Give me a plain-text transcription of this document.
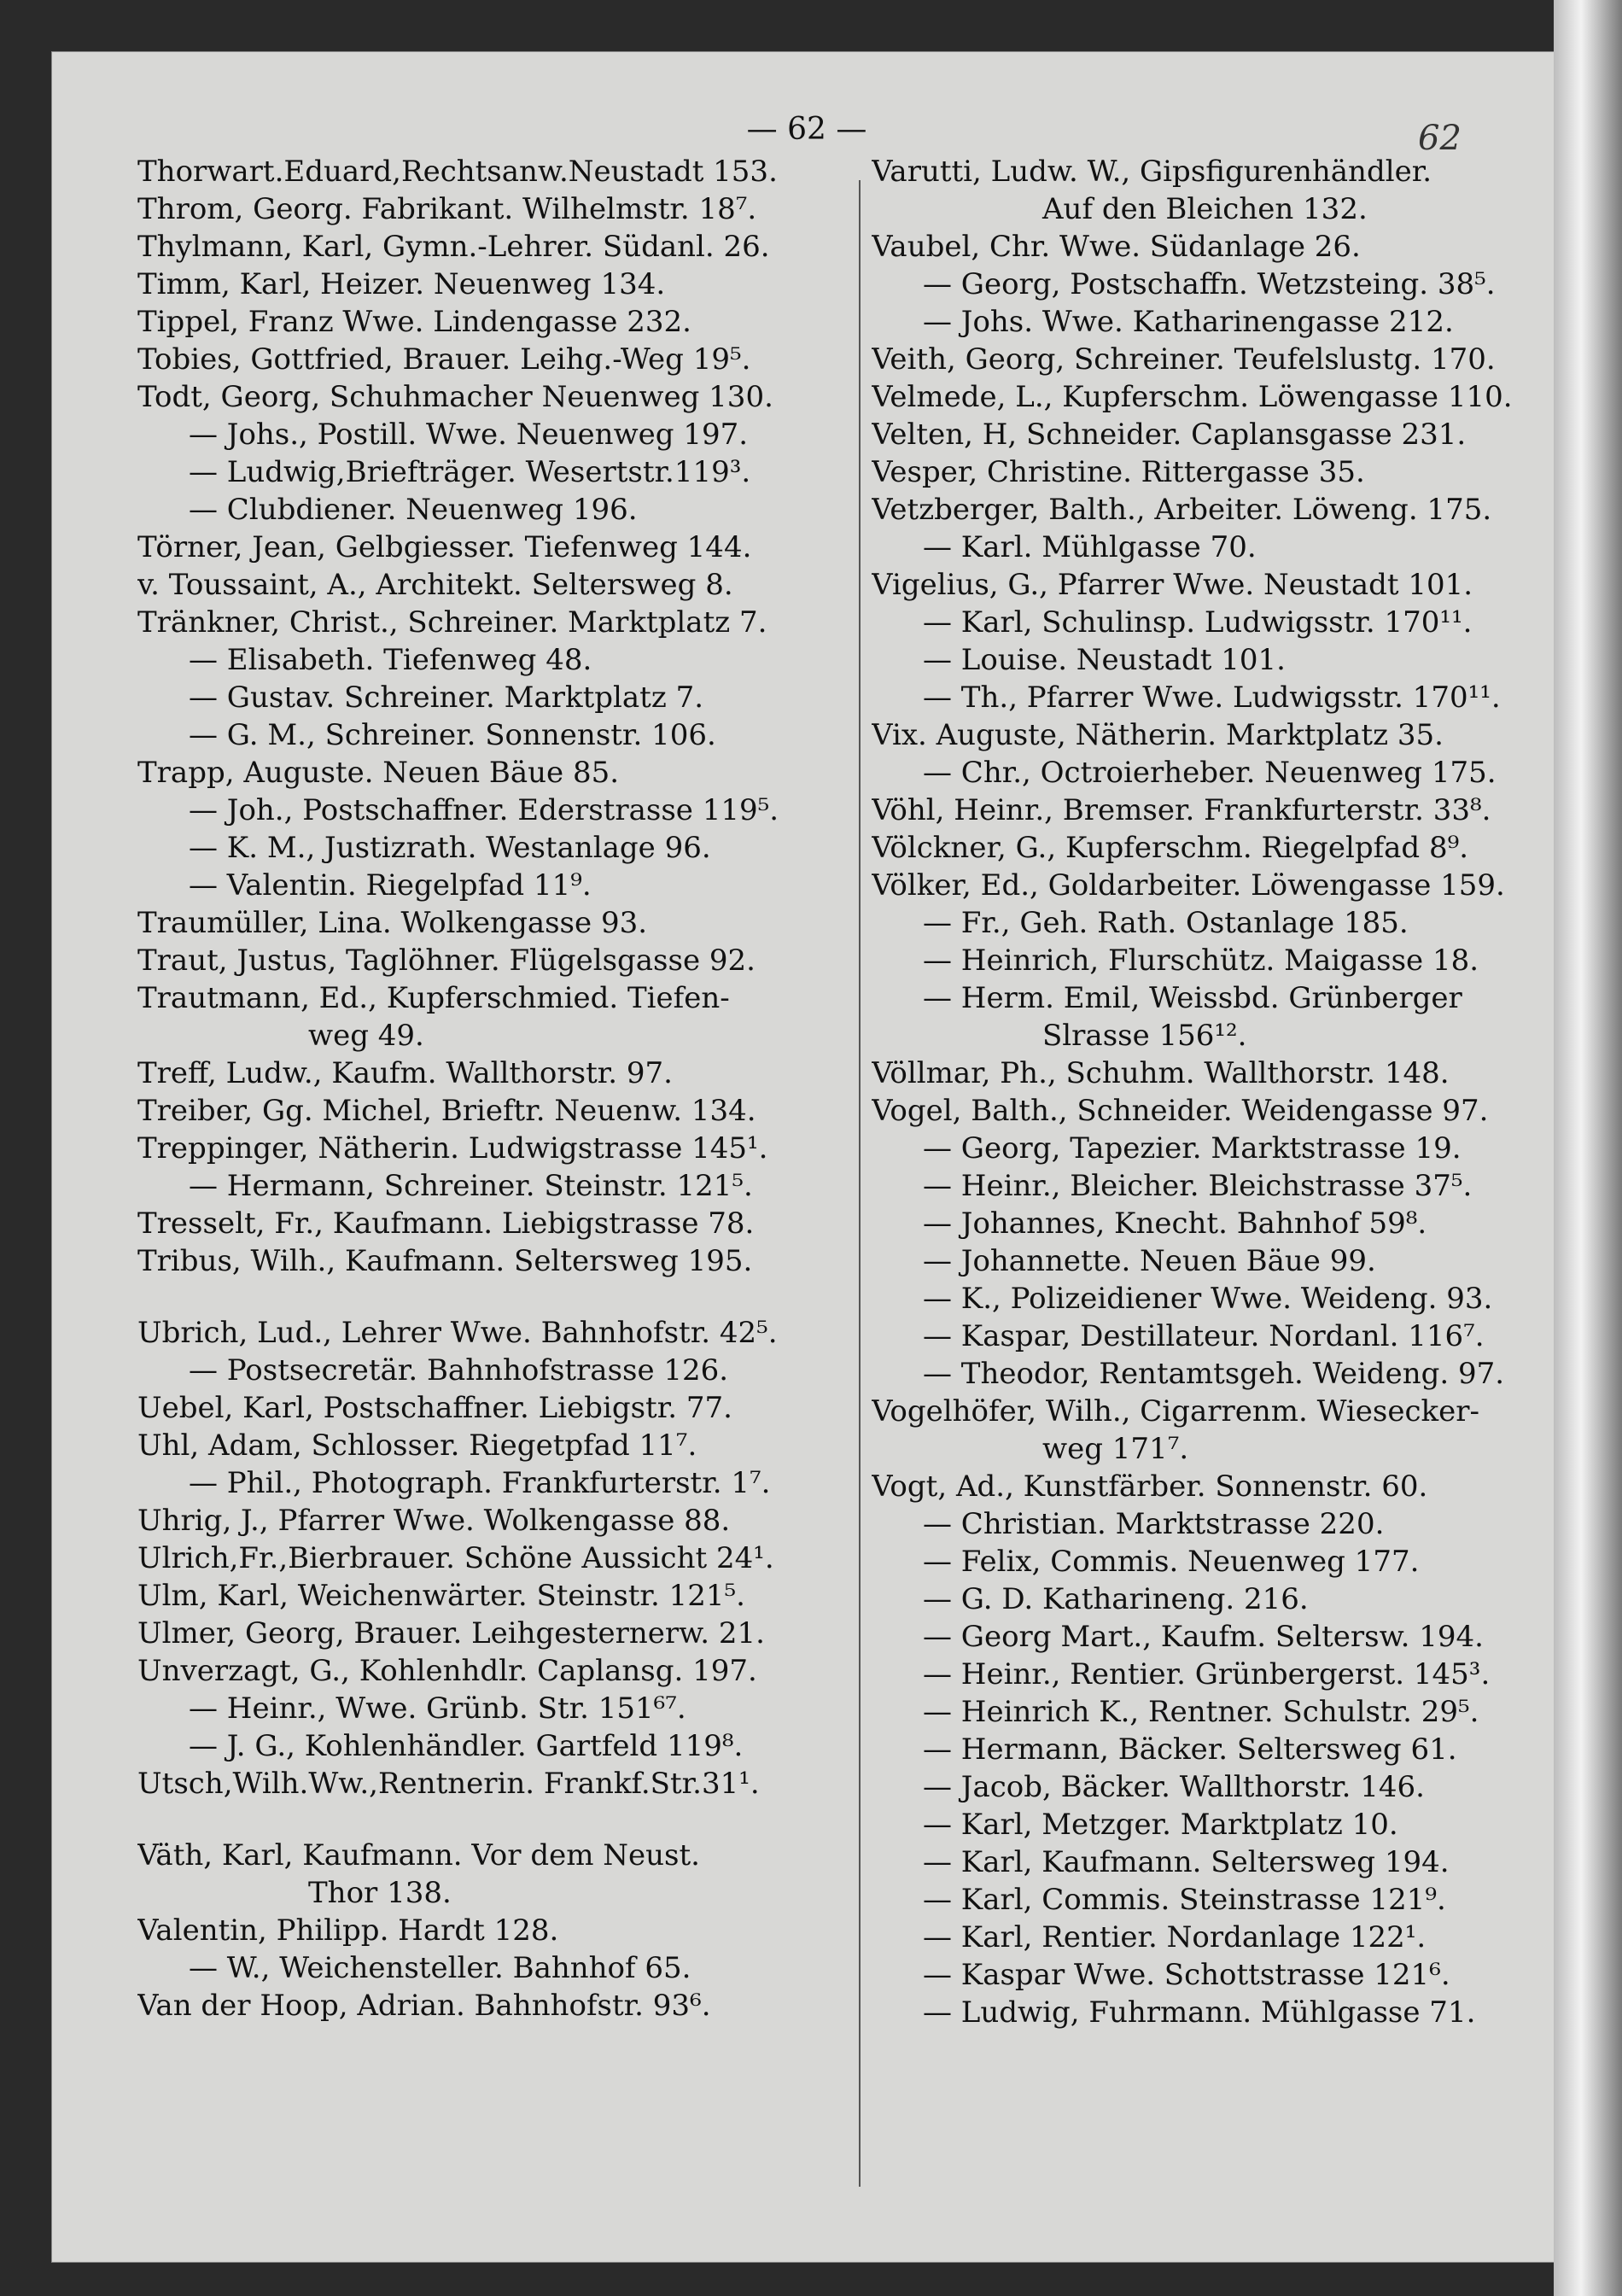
— 62 —	62
Thorwart.Eduard,Rechtsanw.Neustadt 153.
Throm, Georg. Fabrikant. Wilhelmstr. 18⁷.
Thylmann, Karl, Gymn.-Lehrer. Südanl. 26.
Timm, Karl, Heizer. Neuenweg 134.
Tippel, Franz Wwe. Lindengasse 232.
Tobies, Gottfried, Brauer. Leihg.-Weg 19⁵.
Todt, Georg, Schuhmacher Neuenweg 130.
— Johs., Postill. Wwe. Neuenweg 197.
— Ludwig,Briefträger. Wesertstr.119³.
— Clubdiener. Neuenweg 196.
Törner, Jean, Gelbgiesser. Tiefenweg 144.
v. Toussaint, A., Architekt. Seltersweg 8.
Tränkner, Christ., Schreiner. Marktplatz 7.
— Elisabeth. Tiefenweg 48.
— Gustav. Schreiner. Marktplatz 7.
— G. M., Schreiner. Sonnenstr. 106.
Trapp, Auguste. Neuen Bäue 85.
— Joh., Postschaffner. Ederstrasse 119⁵.
— K. M., Justizrath. Westanlage 96.
— Valentin. Riegelpfad 11⁹.
Traumüller, Lina. Wolkengasse 93.
Traut, Justus, Taglöhner. Flügelsgasse 92.
Trautmann, Ed., Kupferschmied. Tiefen-
weg 49.
Treff, Ludw., Kaufm. Wallthorstr. 97.
Treiber, Gg. Michel, Brieftr. Neuenw. 134.
Treppinger, Nätherin. Ludwigstrasse 145¹.
— Hermann, Schreiner. Steinstr. 121⁵.
Tresselt, Fr., Kaufmann. Liebigstrasse 78.
Tribus, Wilh., Kaufmann. Seltersweg 195.
Ubrich, Lud., Lehrer Wwe. Bahnhofstr. 42⁵.
— Postsecretär. Bahnhofstrasse 126.
Uebel, Karl, Postschaffner. Liebigstr. 77.
Uhl, Adam, Schlosser. Riegetpfad 11⁷.
— Phil., Photograph. Frankfurterstr. 1⁷.
Uhrig, J., Pfarrer Wwe. Wolkengasse 88.
Ulrich,Fr.,Bierbrauer. Schöne Aussicht 24¹.
Ulm, Karl, Weichenwärter. Steinstr. 121⁵.
Ulmer, Georg, Brauer. Leihgesternerw. 21.
Unverzagt, G., Kohlenhdlr. Caplansg. 197.
— Heinr., Wwe. Grünb. Str. 151⁶⁷.
— J. G., Kohlenhändler. Gartfeld 119⁸.
Utsch,Wilh.Ww.,Rentnerin. Frankf.Str.31¹.
Väth, Karl, Kaufmann. Vor dem Neust.
Thor 138.
Valentin, Philipp. Hardt 128.
— W., Weichensteller. Bahnhof 65.
Van der Hoop, Adrian. Bahnhofstr. 93⁶.
Varutti, Ludw. W., Gipsfigurenhändler.
Auf den Bleichen 132.
Vaubel, Chr. Wwe. Südanlage 26.
— Georg, Postschaffn. Wetzsteing. 38⁵.
— Johs. Wwe. Katharinengasse 212.
Veith, Georg, Schreiner. Teufelslustg. 170.
Velmede, L., Kupferschm. Löwengasse 110.
Velten, H, Schneider. Caplansgasse 231.
Vesper, Christine. Rittergasse 35.
Vetzberger, Balth., Arbeiter. Löweng. 175.
— Karl. Mühlgasse 70.
Vigelius, G., Pfarrer Wwe. Neustadt 101.
— Karl, Schulinsp. Ludwigsstr. 170¹¹.
— Louise. Neustadt 101.
— Th., Pfarrer Wwe. Ludwigsstr. 170¹¹.
Vix. Auguste, Nätherin. Marktplatz 35.
— Chr., Octroierheber. Neuenweg 175.
Vöhl, Heinr., Bremser. Frankfurterstr. 33⁸.
Völckner, G., Kupferschm. Riegelpfad 8⁹.
Völker, Ed., Goldarbeiter. Löwengasse 159.
— Fr., Geh. Rath. Ostanlage 185.
— Heinrich, Flurschütz. Maigasse 18.
— Herm. Emil, Weissbd. Grünberger
Slrasse 156¹².
Völlmar, Ph., Schuhm. Wallthorstr. 148.
Vogel, Balth., Schneider. Weidengasse 97.
— Georg, Tapezier. Marktstrasse 19.
— Heinr., Bleicher. Bleichstrasse 37⁵.
— Johannes, Knecht. Bahnhof 59⁸.
— Johannette. Neuen Bäue 99.
— K., Polizeidiener Wwe. Weideng. 93.
— Kaspar, Destillateur. Nordanl. 116⁷.
— Theodor, Rentamtsgeh. Weideng. 97.
Vogelhöfer, Wilh., Cigarrenm. Wiesecker-
weg 171⁷.
Vogt, Ad., Kunstfärber. Sonnenstr. 60.
— Christian. Marktstrasse 220.
— Felix, Commis. Neuenweg 177.
— G. D. Katharineng. 216.
— Georg Mart., Kaufm. Seltersw. 194.
— Heinr., Rentier. Grünbergerst. 145³.
— Heinrich K., Rentner. Schulstr. 29⁵.
— Hermann, Bäcker. Seltersweg 61.
— Jacob, Bäcker. Wallthorstr. 146.
— Karl, Metzger. Marktplatz 10.
— Karl, Kaufmann. Seltersweg 194.
— Karl, Commis. Steinstrasse 121⁹.
— Karl, Rentier. Nordanlage 122¹.
— Kaspar Wwe. Schottstrasse 121⁶.
— Ludwig, Fuhrmann. Mühlgasse 71.
